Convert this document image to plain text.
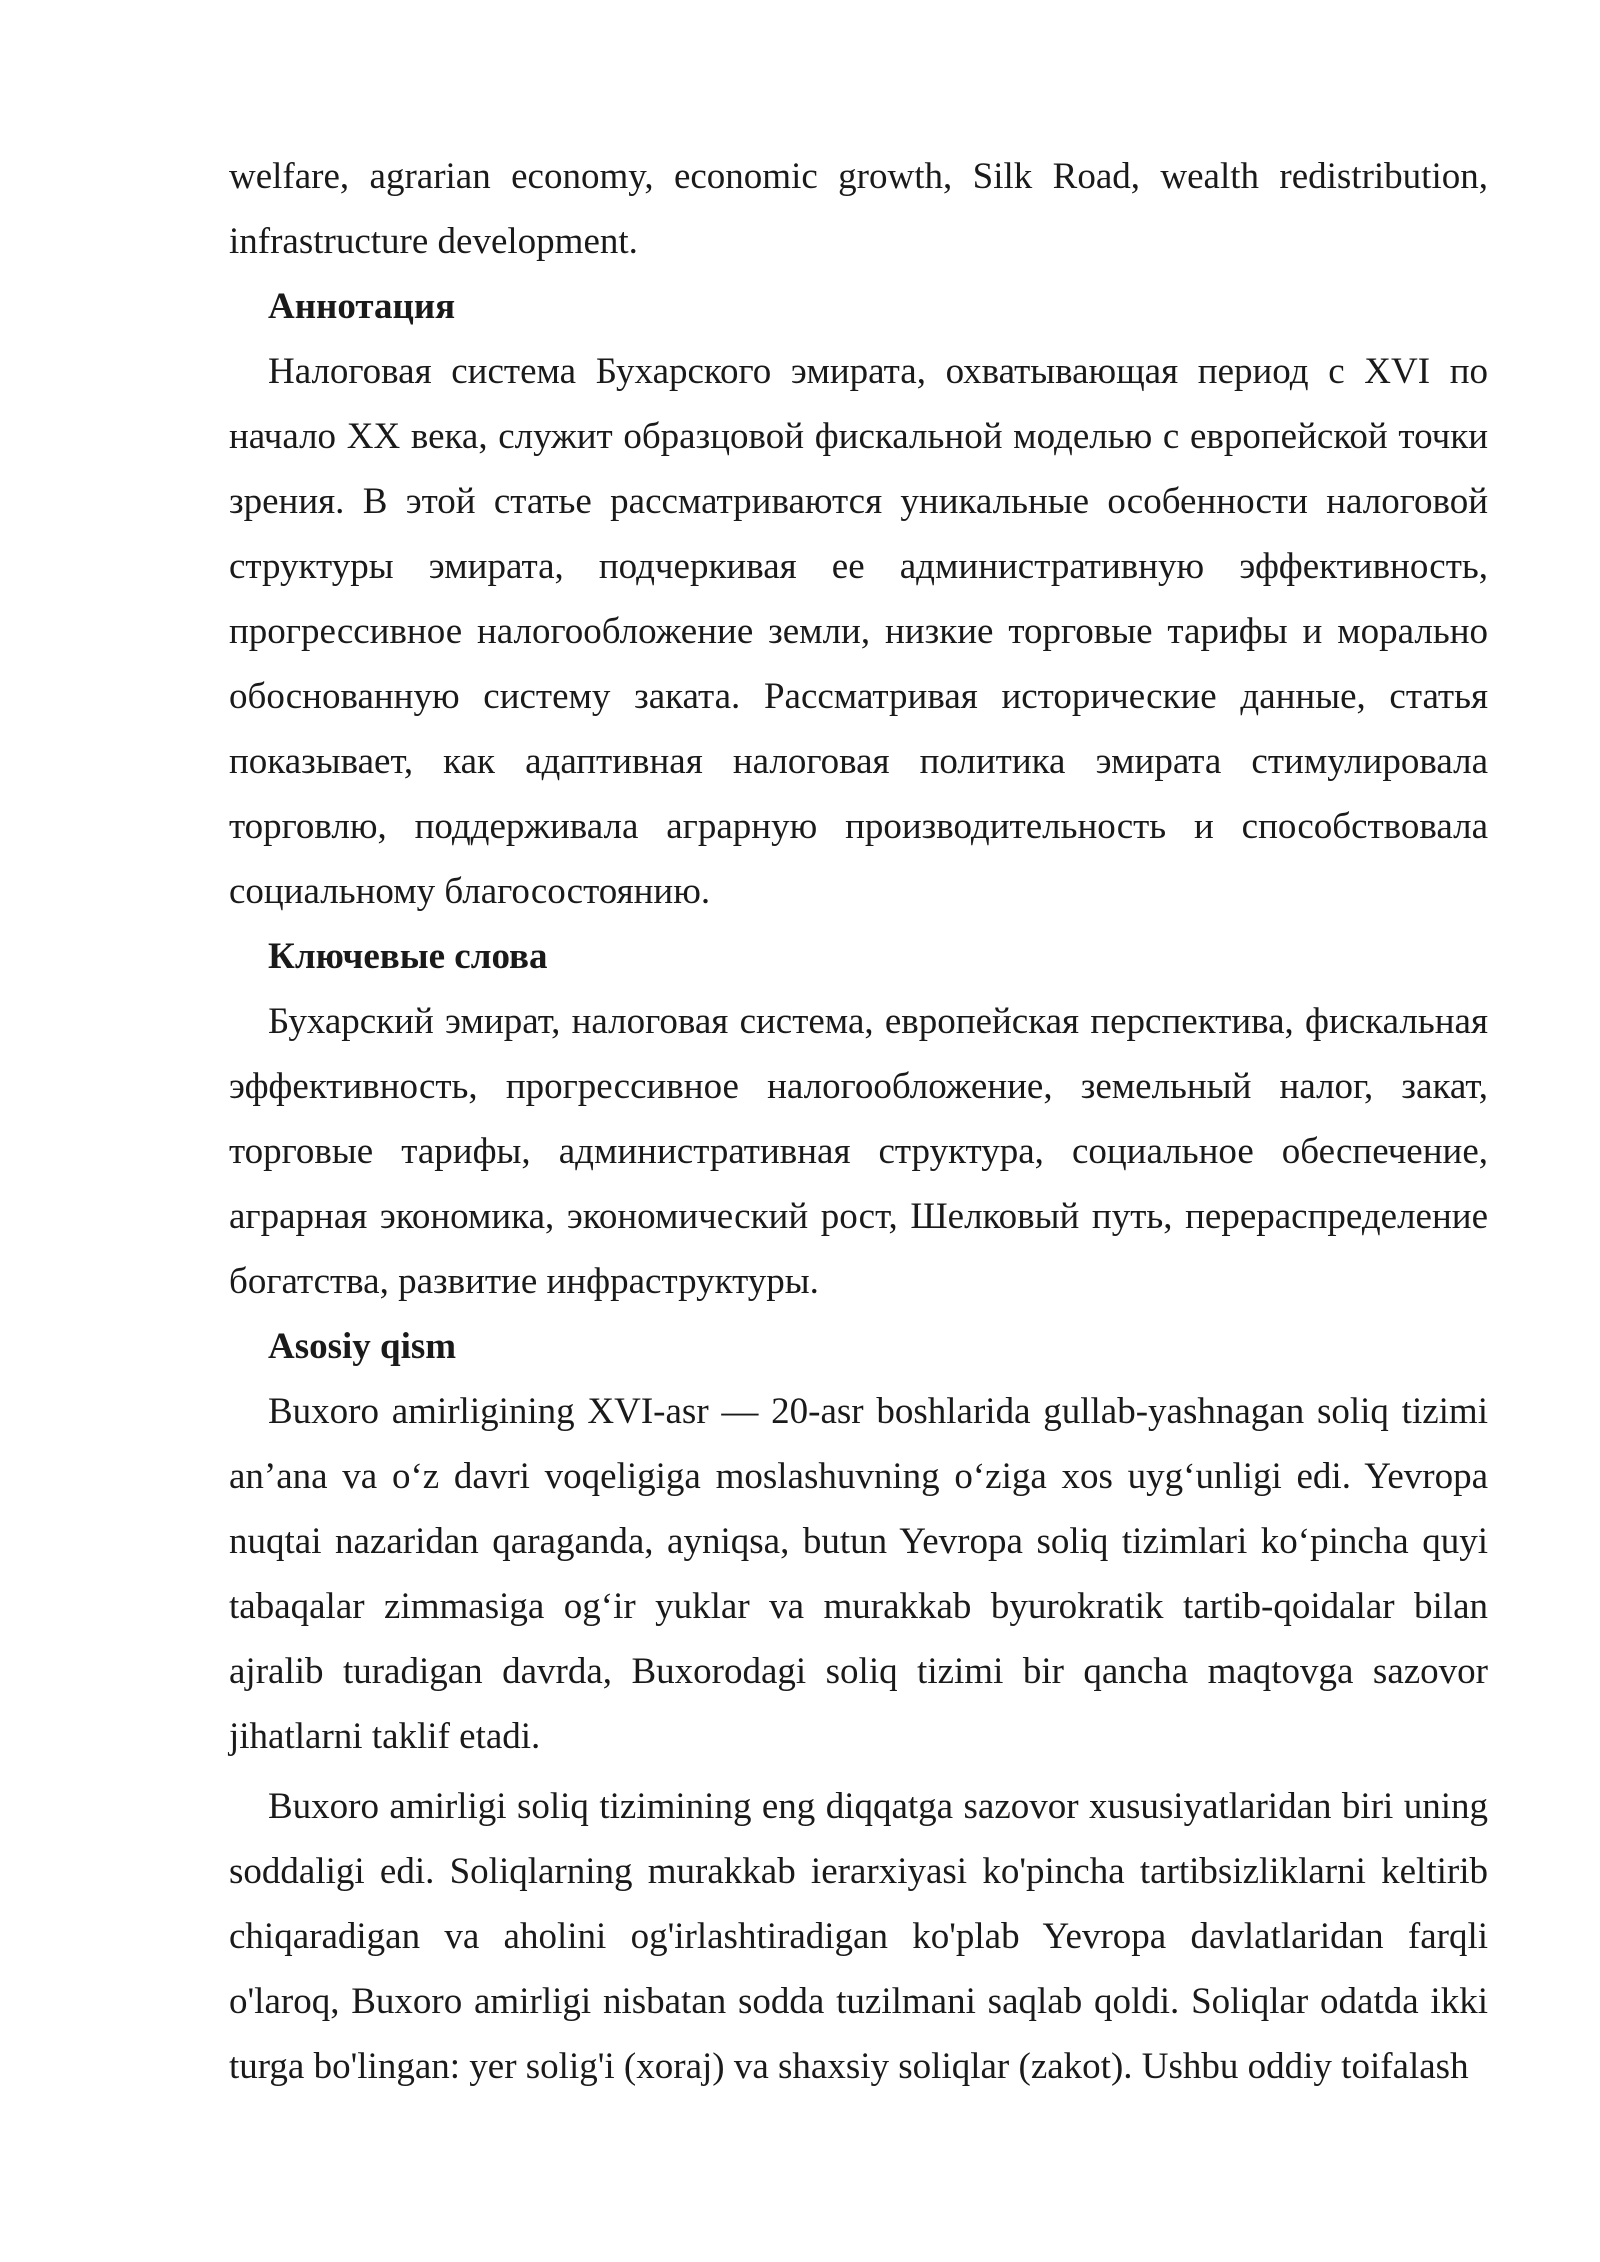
welfare, agrarian economy, economic growth, Silk Road, wealth redistribution, infrastructure development.

Аннотация

Налоговая система Бухарского эмирата, охватывающая период с XVI по начало XX века, служит образцовой фискальной моделью с европейской точки зрения. В этой статье рассматриваются уникальные особенности налоговой структуры эмирата, подчеркивая ее административную эффективность, прогрессивное налогообложение земли, низкие торговые тарифы и морально обоснованную систему заката. Рассматривая исторические данные, статья показывает, как адаптивная налоговая политика эмирата стимулировала торговлю, поддерживала аграрную производительность и способствовала социальному благосостоянию.

Ключевые слова

Бухарский эмират, налоговая система, европейская перспектива, фискальная эффективность, прогрессивное налогообложение, земельный налог, закат, торговые тарифы, административная структура, социальное обеспечение, аграрная экономика, экономический рост, Шелковый путь, перераспределение богатства, развитие инфраструктуры.

Asosiy qism

Buxoro amirligining XVI-asr — 20-asr boshlarida gullab-yashnagan soliq tizimi an’ana va oʻz davri voqeligiga moslashuvning oʻziga xos uygʻunligi edi. Yevropa nuqtai nazaridan qaraganda, ayniqsa, butun Yevropa soliq tizimlari koʻpincha quyi tabaqalar zimmasiga ogʻir yuklar va murakkab byurokratik tartib-qoidalar bilan ajralib turadigan davrda, Buxorodagi soliq tizimi bir qancha maqtovga sazovor jihatlarni taklif etadi.

Buxoro amirligi soliq tizimining eng diqqatga sazovor xususiyatlaridan biri uning soddaligi edi. Soliqlarning murakkab ierarxiyasi ko'pincha tartibsizliklarni keltirib chiqaradigan va aholini og'irlashtiradigan ko'plab Yevropa davlatlaridan farqli o'laroq, Buxoro amirligi nisbatan sodda tuzilmani saqlab qoldi. Soliqlar odatda ikki turga bo'lingan: yer solig'i (xoraj) va shaxsiy soliqlar (zakot). Ushbu oddiy toifalash
